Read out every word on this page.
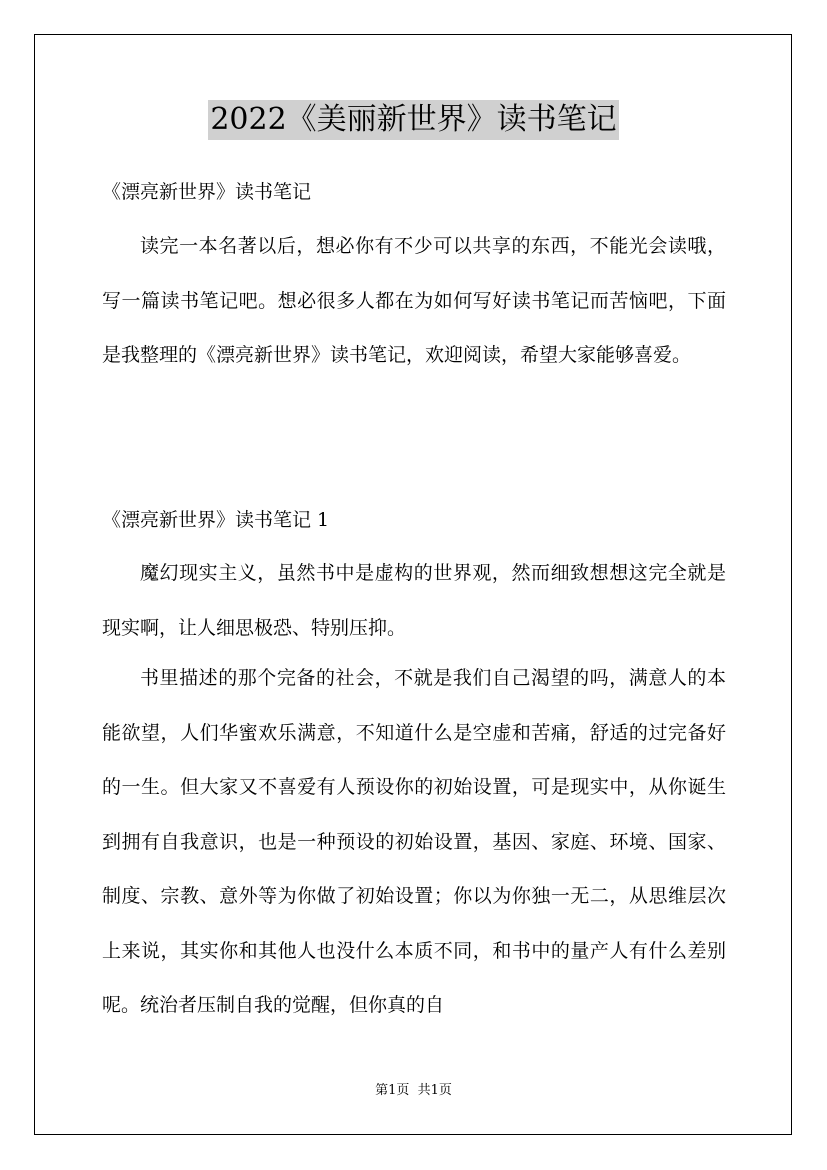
2022《美丽新世界》读书笔记
《漂亮新世界》读书笔记

读完一本名著以后，想必你有不少可以共享的东西，不能光会读哦，写一篇读书笔记吧。想必很多人都在为如何写好读书笔记而苦恼吧，下面是我整理的《漂亮新世界》读书笔记，欢迎阅读，希望大家能够喜爱。

《漂亮新世界》读书笔记 1

魔幻现实主义，虽然书中是虚构的世界观，然而细致想想这完全就是现实啊，让人细思极恐、特别压抑。

书里描述的那个完备的社会，不就是我们自己渴望的吗，满意人的本能欲望，人们华蜜欢乐满意，不知道什么是空虚和苦痛，舒适的过完备好的一生。但大家又不喜爱有人预设你的初始设置，可是现实中，从你诞生到拥有自我意识，也是一种预设的初始设置，基因、家庭、环境、国家、制度、宗教、意外等为你做了初始设置；你以为你独一无二，从思维层次上来说，其实你和其他人也没什么本质不同，和书中的量产人有什么差别呢。统治者压制自我的觉醒，但你真的自

第1页  共1页
